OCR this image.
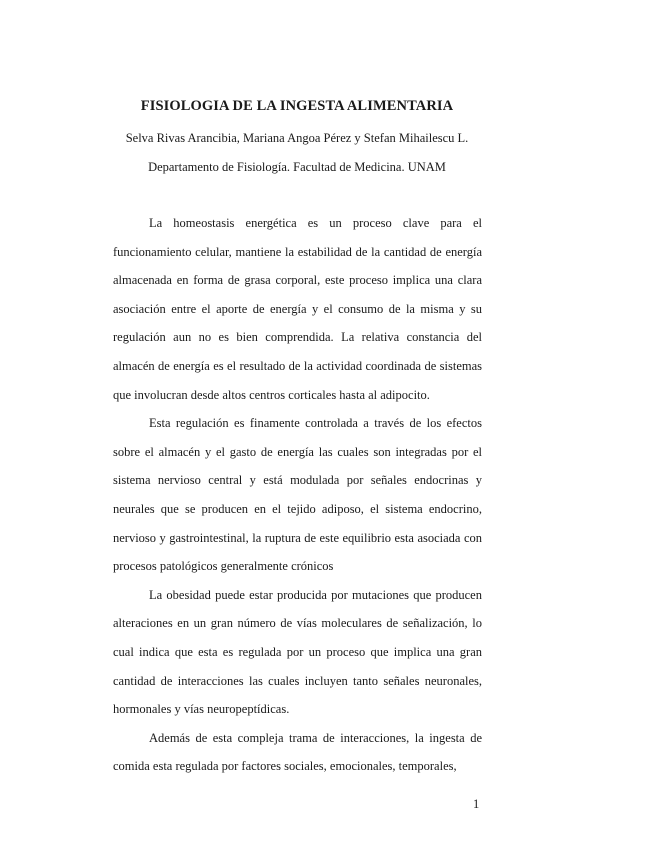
FISIOLOGIA DE LA INGESTA ALIMENTARIA
Selva Rivas Arancibia, Mariana Angoa Pérez y Stefan Mihailescu L.
Departamento de Fisiología. Facultad de Medicina. UNAM

La homeostasis energética es un proceso clave para el funcionamiento celular, mantiene la estabilidad de la cantidad de energía almacenada en forma de grasa corporal, este proceso implica una clara asociación entre el aporte de energía y el consumo de la misma y su regulación aun no es bien comprendida. La relativa constancia del almacén de energía es el resultado de la actividad coordinada de sistemas que involucran desde altos centros corticales hasta al adipocito.

Esta regulación es finamente controlada a través de los efectos sobre el almacén y el gasto de energía las cuales son integradas por el sistema nervioso central y está modulada por señales endocrinas y neurales que se producen en el tejido adiposo, el sistema endocrino, nervioso y gastrointestinal, la ruptura de este equilibrio esta asociada con procesos patológicos generalmente crónicos

La obesidad puede estar producida por mutaciones que producen alteraciones en un gran número de vías moleculares de señalización, lo cual indica que esta es regulada por un proceso que implica una gran cantidad de interacciones las cuales incluyen tanto señales neuronales, hormonales y vías neuropeptídicas.

Además de esta compleja trama de interacciones, la ingesta de comida esta regulada por factores sociales, emocionales, temporales,

1
